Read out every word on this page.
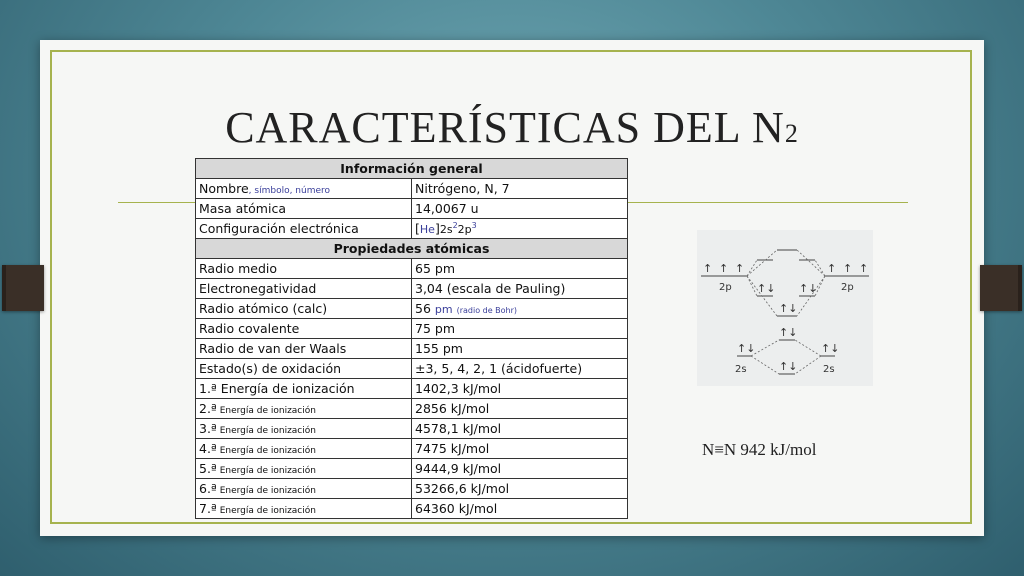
CARACTERÍSTICAS DEL N2
Información general	
Nombre, símbolo, número	Nitrógeno, N, 7
Masa atómica	14,0067 u
Configuración electrónica	$[He]2s^22p^3$
Propiedades atómicas	
Radio medio	65 pm
Electronegatividad	3,04 (escala de Pauling)
Radio atómico (calc)	56 pm (radio de Bohr)
Radio covalente	75 pm
Radio de van der Waals	155 pm
Estado(s) de oxidación	±3, 5, 4, 2, 1 (ácidofuerte)
1.ª Energía de ionización	1402,3 kJ/mol
2.ª Energía de ionización	2856 kJ/mol
3.ª Energía de ionización	4578,1 kJ/mol
4.ª Energía de ionización	7475 kJ/mol
5.ª Energía de ionización	9444,9 kJ/mol
6.ª Energía de ionización	53266,6 kJ/mol
7.ª Energía de ionización	64360 kJ/mol
↑ ↑ ↑	↑ ↑ ↑
↑↓ ↑↓
↑↓
↑↓	↑↓
↑↓
↑↓
2p	2p
2s	2s
N≡N 942 kJ/mol
